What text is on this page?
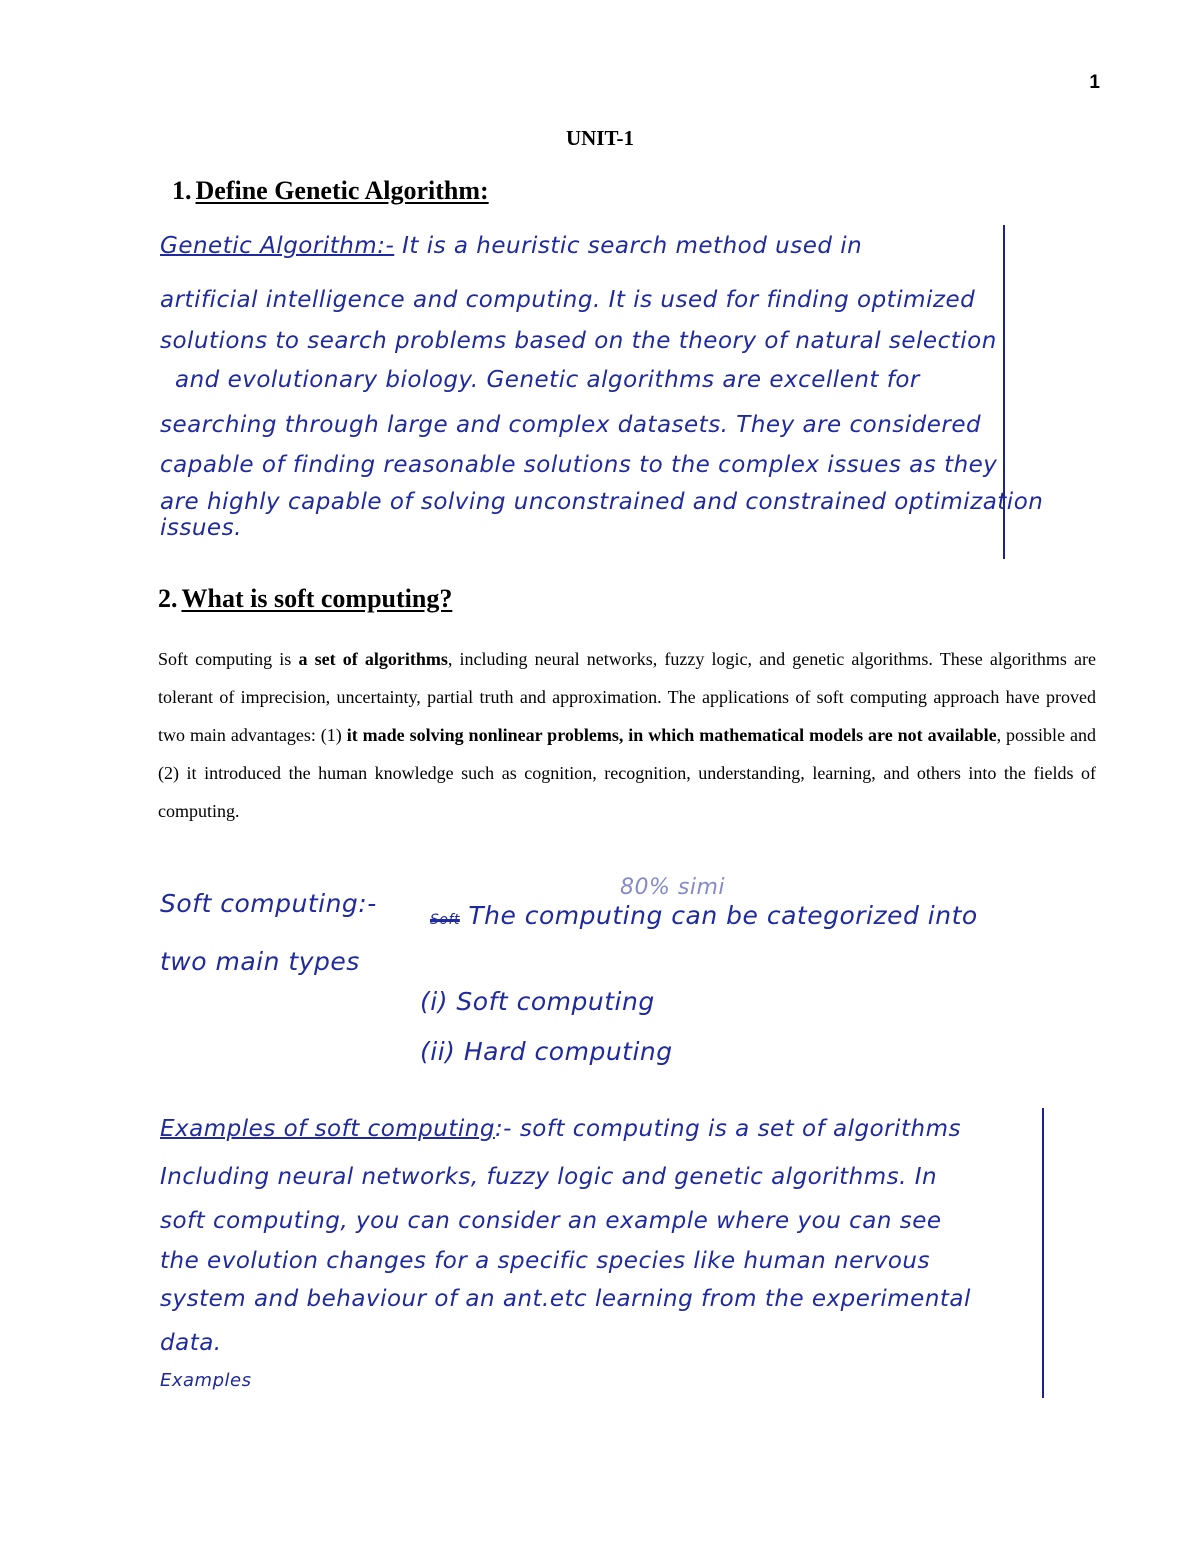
1
UNIT-1
1. Define Genetic Algorithm:
Genetic Algorithm:- It is a heuristic search method used in
artificial intelligence and computing. It is used for finding optimized
solutions to search problems based on the theory of natural selection
and evolutionary biology. Genetic algorithms are excellent for
searching through large and complex datasets. They are considered
capable of finding reasonable solutions to the complex issues as they
are highly capable of solving unconstrained and constrained optimization
issues.
2. What is soft computing?
Soft computing is a set of algorithms, including neural networks, fuzzy logic, and genetic algorithms. These algorithms are tolerant of imprecision, uncertainty, partial truth and approximation. The applications of soft computing approach have proved two main advantages: (1) it made solving nonlinear problems, in which mathematical models are not available, possible and (2) it introduced the human knowledge such as cognition, recognition, understanding, learning, and others into the fields of computing.
80% simi
Soft computing:-
Soft The computing can be categorized into
two main types
(i) Soft computing
(ii) Hard computing
Examples of soft computing:- soft computing is a set of algorithms
Including neural networks, fuzzy logic and genetic algorithms. In
soft computing, you can consider an example where you can see
the evolution changes for a specific species like human nervous
system and behaviour of an ant.etc learning from the experimental
data.
Examples
